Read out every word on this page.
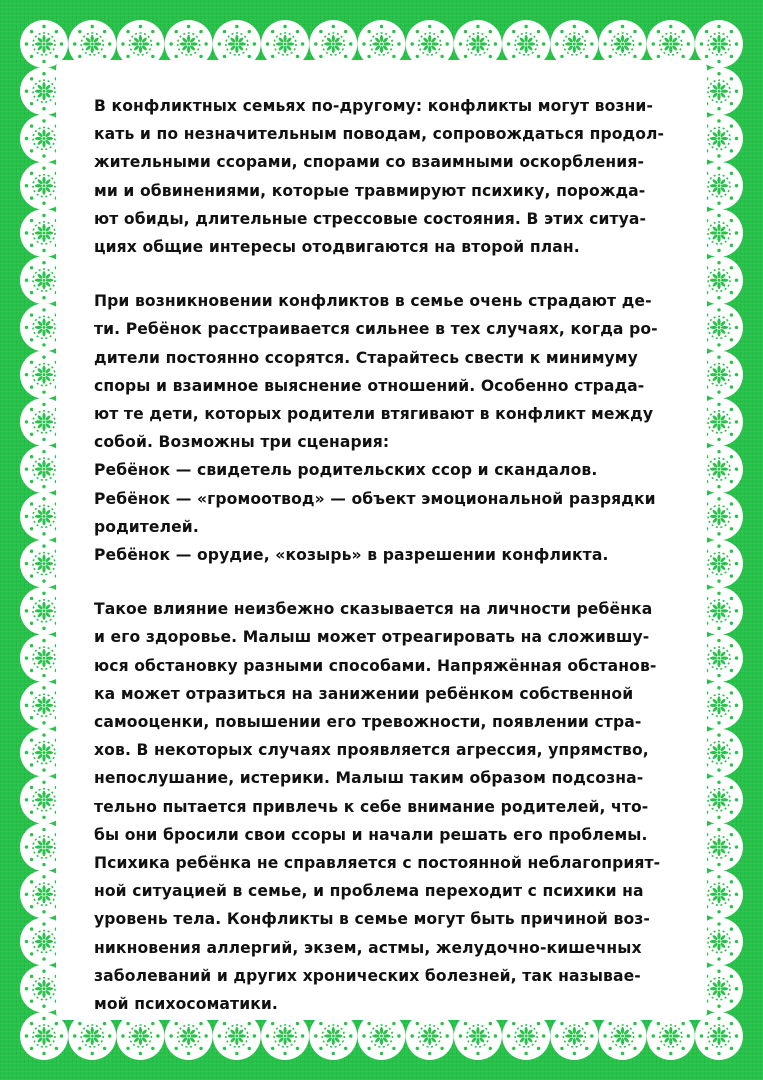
В конфликтных семьях по-другому: конфликты могут возни-
кать и по незначительным поводам, сопровождаться продол-
жительными ссорами, спорами со взаимными оскорбления-
ми и обвинениями, которые травмируют психику, порожда-
ют обиды, длительные стрессовые состояния. В этих ситуа-
циях общие интересы отодвигаются на второй план.

При возникновении конфликтов в семье очень страдают де-
ти. Ребёнок расстраивается сильнее в тех случаях, когда ро-
дители постоянно ссорятся. Старайтесь свести к минимуму
споры и взаимное выяснение отношений. Особенно страда-
ют те дети, которых родители втягивают в конфликт между
собой. Возможны три сценария:
Ребёнок — свидетель родительских ссор и скандалов.
Ребёнок — «громоотвод» — объект эмоциональной разрядки
родителей.
Ребёнок — орудие, «козырь» в разрешении конфликта.

Такое влияние неизбежно сказывается на личности ребёнка
и его здоровье. Малыш может отреагировать на сложившу-
юся обстановку разными способами. Напряжённая обстанов-
ка может отразиться на занижении ребёнком собственной
самооценки, повышении его тревожности, появлении стра-
хов. В некоторых случаях проявляется агрессия, упрямство,
непослушание, истерики. Малыш таким образом подсозна-
тельно пытается привлечь к себе внимание родителей, что-
бы они бросили свои ссоры и начали решать его проблемы.
Психика ребёнка не справляется с постоянной неблагоприят-
ной ситуацией в семье, и проблема переходит с психики на
уровень тела. Конфликты в семье могут быть причиной воз-
никновения аллергий, экзем, астмы, желудочно-кишечных
заболеваний и других хронических болезней, так называе-
мой психосоматики.
